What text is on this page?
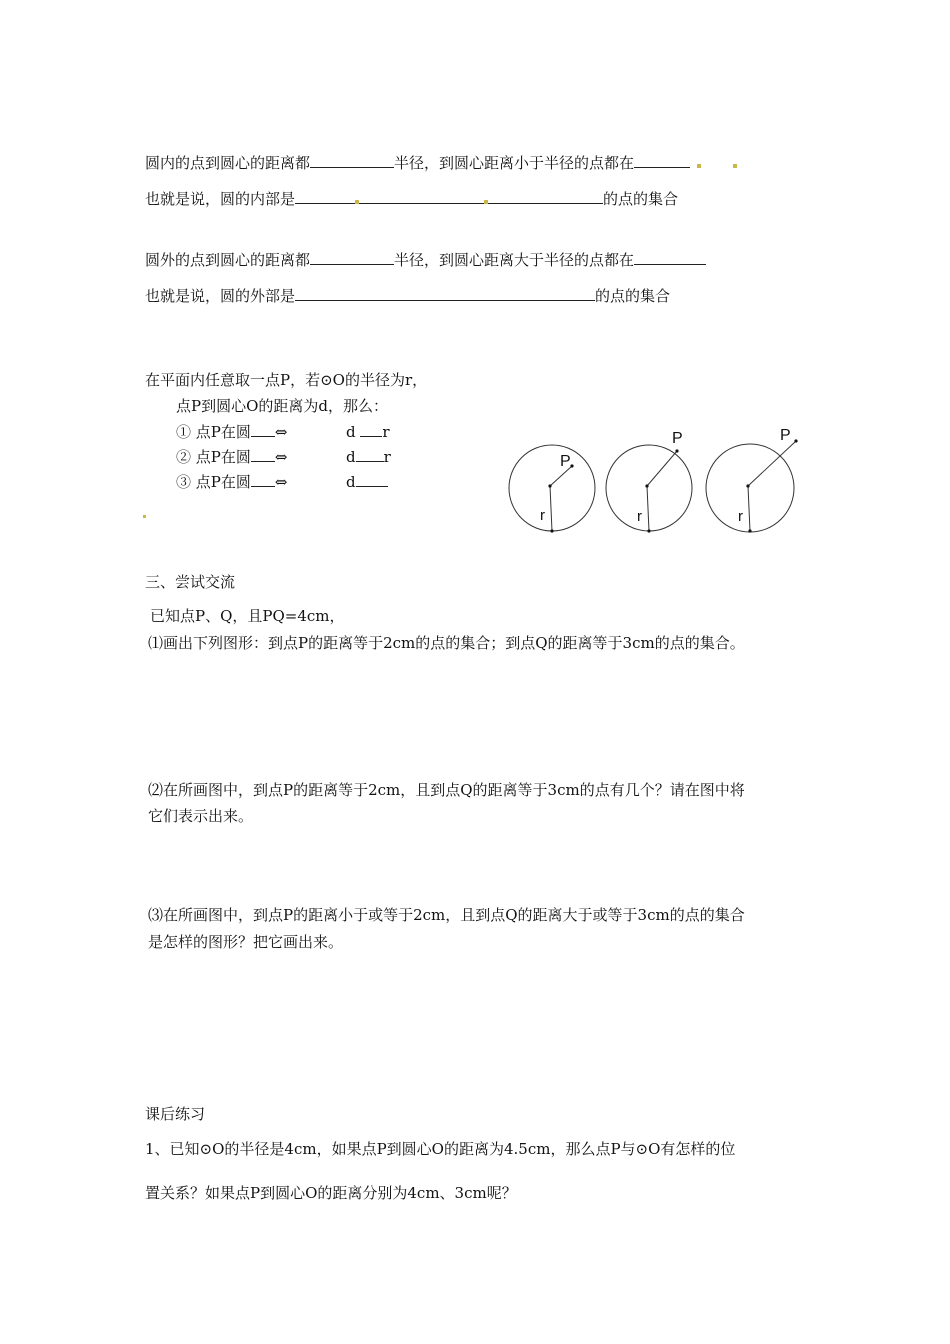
圆内的点到圆心的距离都	半径，到圆心距离小于半径的点都在
也就是说，圆的内部是	的点的集合
圆外的点到圆心的距离都	半径，到圆心距离大于半径的点都在
也就是说，圆的外部是	的点的集合
在平面内任意取一点P，若⊙O的半径为r，
点P到圆心O的距离为d，那么：
① 点P在圆 ⇔	d r
② 点P在圆 ⇔	d r
③ 点P在圆 ⇔	d
P
r
P
r
P
r
三、尝试交流
已知点P、Q，且PQ=4cm，
⑴画出下列图形：到点P的距离等于2cm的点的集合；到点Q的距离等于3cm的点的集合。
⑵在所画图中，到点P的距离等于2cm，且到点Q的距离等于3cm的点有几个？请在图中将
它们表示出来。
⑶在所画图中，到点P的距离小于或等于2cm，且到点Q的距离大于或等于3cm的点的集合
是怎样的图形？把它画出来。
课后练习
1、已知⊙O的半径是4cm，如果点P到圆心O的距离为4.5cm，那么点P与⊙O有怎样的位
置关系？如果点P到圆心O的距离分别为4cm、3cm呢？
